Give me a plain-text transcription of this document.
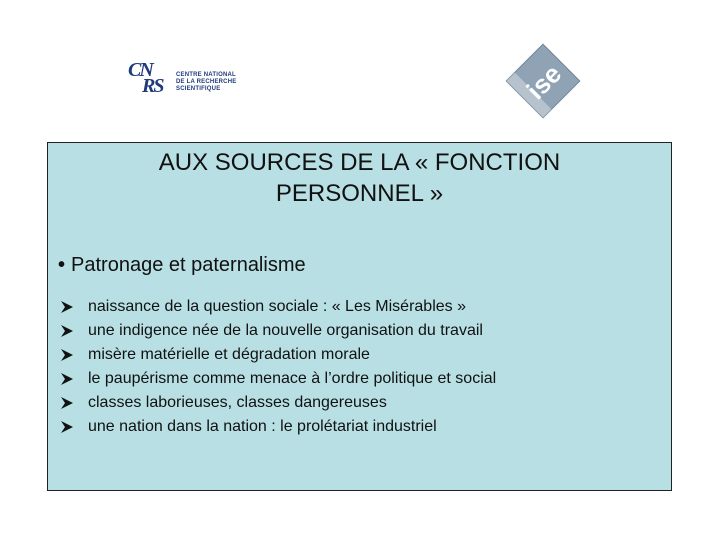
CN
RS CENTRE NATIONAL
DE LA RECHERCHE
SCIENTIFIQUE	ise
AUX SOURCES DE LA « FONCTION
PERSONNEL »
• Patronage et paternalisme
naissance de la question sociale : « Les Misérables »
une indigence née de la nouvelle organisation du travail
misère matérielle et dégradation morale
le paupérisme comme menace à l’ordre politique et social
classes laborieuses, classes dangereuses
une nation dans la nation : le prolétariat industriel
